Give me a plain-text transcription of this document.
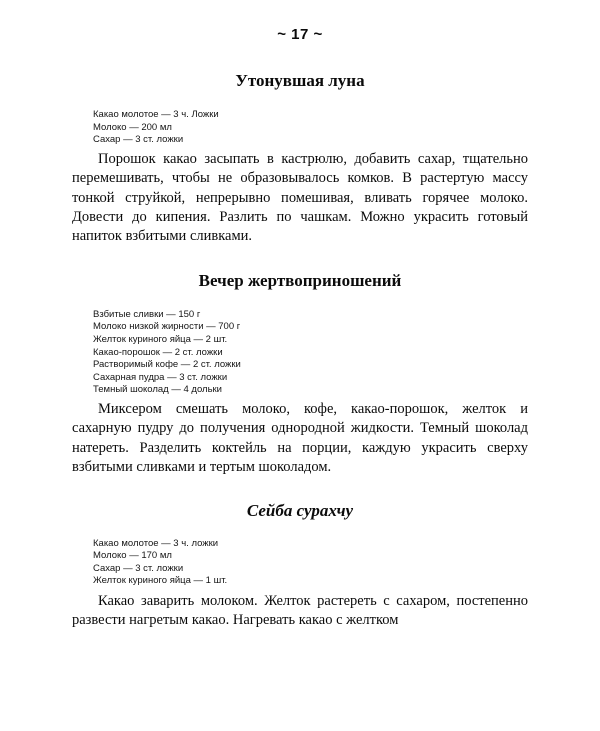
~ 17 ~
Утонувшая луна
Какао молотое — 3 ч. Ложки
Молоко — 200 мл
Сахар — 3 ст. ложки

Порошок какао засыпать в кастрюлю, добавить сахар, тщательно перемешивать, чтобы не образовывалось комков. В растертую массу тонкой струйкой, непрерывно помешивая, вливать горячее молоко. Довести до кипения. Разлить по чашкам. Можно украсить готовый напиток взбитыми сливками.

Вечер жертвоприношений
Взбитые сливки — 150 г
Молоко низкой жирности — 700 г
Желток куриного яйца — 2 шт.
Какао-порошок — 2 ст. ложки
Растворимый кофе — 2 ст. ложки
Сахарная пудра — 3 ст. ложки
Темный шоколад — 4 дольки

Миксером смешать молоко, кофе, какао-порошок, желток и сахарную пудру до получения однородной жидкости. Темный шоколад натереть. Разделить коктейль на порции, каждую украсить сверху взбитыми сливками и тертым шоколадом.

Сейба сурахчу
Какао молотое — 3 ч. ложки
Молоко — 170 мл
Сахар — 3 ст. ложки
Желток куриного яйца — 1 шт.

Какао заварить молоком. Желток растереть с сахаром, постепенно развести нагретым какао. Нагревать какао с желтком
